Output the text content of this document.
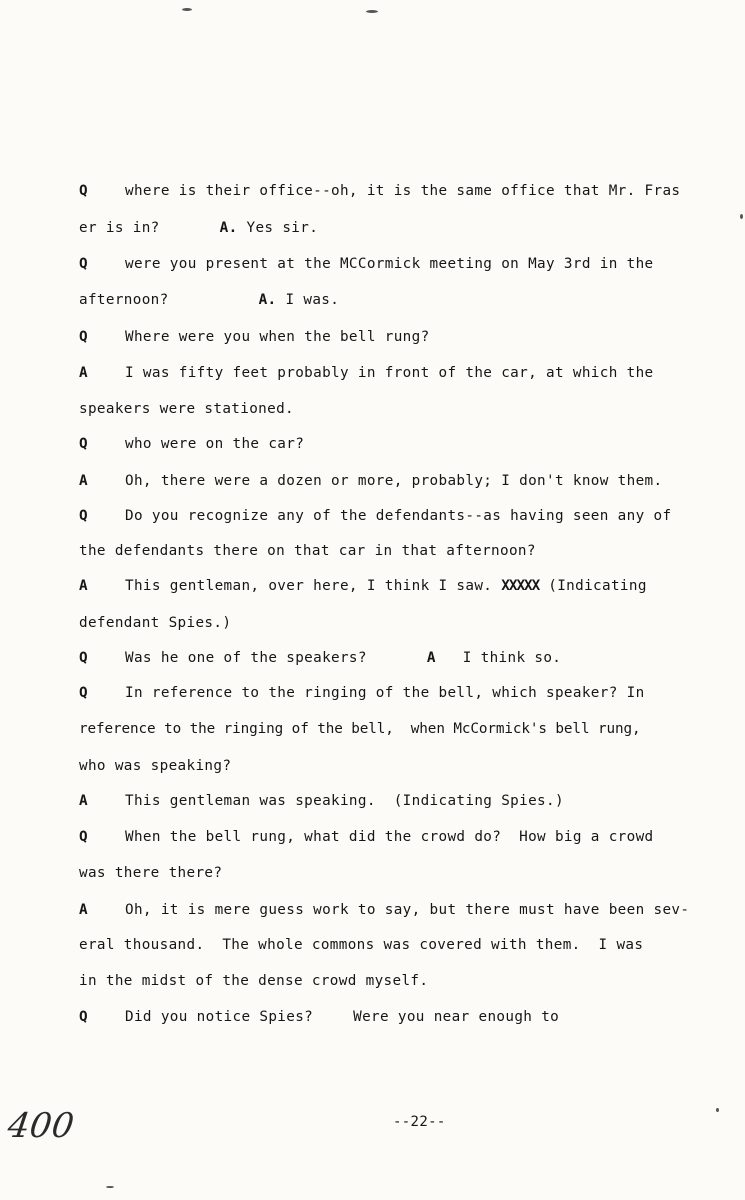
Q	where is their office--oh, it is the same office that Mr. Fras
er is in?	A. Yes sir.
Q	were you present at the MCCormick meeting on May 3rd in the
afternoon?	A. I was.
Q	Where were you when the bell rung?
A	I was fifty feet probably in front of the car, at which the
speakers were stationed.
Q	who were on the car?
A	Oh, there were a dozen or more, probably; I don't know them.
Q	Do you recognize any of the defendants--as having seen any of
the defendants there on that car in that afternoon?
A	This gentleman, over here, I think I saw. XXXXX (Indicating
defendant Spies.)
Q	Was he one of the speakers?	A I think so.
Q	In reference to the ringing of the bell, which speaker? In
reference to the ringing of the bell,  when McCormick's bell rung,
who was speaking?
A	This gentleman was speaking.  (Indicating Spies.)
Q	When the bell rung, what did the crowd do?  How big a crowd
was there there?
A	Oh, it is mere guess work to say, but there must have been sev-
eral thousand.  The whole commons was covered with them.  I was
in the midst of the dense crowd myself.
Q	Did you notice Spies?	Were you near enough to
--22--
400
